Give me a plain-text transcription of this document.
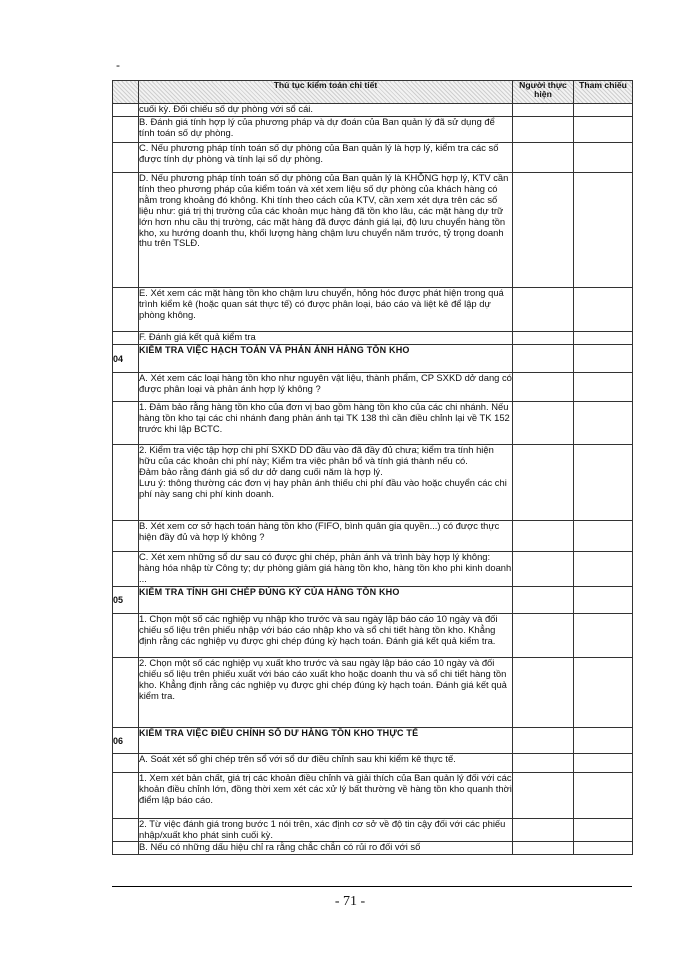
-
	Thủ tục kiểm toán chi tiết	Người thực hiện	Tham chiếu
	cuối kỳ. Đối chiếu số dự phòng với sổ cái.		
	B. Đánh giá tính hợp lý của phương pháp và dự đoán của Ban quản lý đã sử dụng để tính toán số dự phòng.		
	C. Nếu phương pháp tính toán số dự phòng của Ban quản lý là hợp lý, kiểm tra các số được tính dự phòng và tính lại số dự phòng.		
	D. Nếu phương pháp tính toán số dự phòng của Ban quản lý là KHÔNG hợp lý, KTV cần tính theo phương pháp của kiểm toán và xét xem liệu số dự phòng của khách hàng có nằm trong khoảng đó không. Khi tính theo cách của KTV, cần xem xét dựa trên các số liệu như: giá trị thị trường của các khoản mục hàng đã tồn kho lâu, các mặt hàng dự trữ lớn hơn nhu cầu thị trường, các mặt hàng đã được đánh giá lại, độ lưu chuyển hàng tồn kho, xu hướng doanh thu, khối lượng hàng chậm lưu chuyển năm trước, tỷ trọng doanh thu trên TSLĐ.		
	E. Xét xem các mặt hàng tồn kho chậm lưu chuyển, hỏng hóc được phát hiện trong quá trình kiểm kê (hoặc quan sát thực tế) có được phân loại, báo cáo và liệt kê để lập dự phòng không.		
	F. Đánh giá kết quả kiểm tra		
04	KIỂM TRA VIỆC HẠCH TOÁN VÀ PHẢN ÁNH HÀNG TỒN KHO		
	A. Xét xem các loại hàng tồn kho như nguyên vật liệu, thành phẩm, CP SXKD dở dang có được phân loại và phản ánh hợp lý không ?		
	1. Đảm bảo rằng hàng tồn kho của đơn vị bao gồm hàng tồn kho của các chi nhánh. Nếu hàng tồn kho tại các chi nhánh đang phản ánh tại TK 138 thì cần điều chỉnh lại về TK 152 trước khi lập BCTC.		
	2. Kiểm tra việc tập hợp chi phí SXKD DD đầu vào đã đầy đủ chưa; kiểm tra tính hiện hữu của các khoản chi phí này; Kiểm tra việc phân bổ và tính giá thành nếu có.
Đảm bảo rằng đánh giá sổ dư dở dang cuối năm là hợp lý.
Lưu ý: thông thường các đơn vị hay phản ánh thiếu chi phí đầu vào hoặc chuyển các chi phí này sang chi phí kinh doanh.		
	B. Xét xem cơ sở hạch toán hàng tồn kho (FIFO, bình quân gia quyền...) có được thực hiện đầy đủ và hợp lý không ?		
	C. Xét xem những sổ dư sau có được ghi chép, phản ánh và trình bày hợp lý không: hàng hóa nhập từ Công ty; dự phòng giảm giá hàng tồn kho, hàng tồn kho phi kinh doanh ...		
05	KIỂM TRA TÍNH GHI CHÉP ĐÚNG KỲ CỦA HÀNG TỒN KHO		
	1. Chọn một số các nghiệp vụ nhập kho trước và sau ngày lập báo cáo 10 ngày và đối chiếu số liệu trên phiếu nhập với báo cáo nhập kho và sổ chi tiết hàng tồn kho. Khẳng định rằng các nghiệp vụ được ghi chép đúng kỳ hạch toán. Đánh giá kết quả kiểm tra.		
	2. Chọn một số các nghiệp vụ xuất kho trước và sau ngày lập báo cáo 10 ngày và đối chiếu số liệu trên phiếu xuất với báo cáo xuất kho hoặc doanh thu và sổ chi tiết hàng tồn kho. Khẳng định rằng các nghiệp vụ được ghi chép đúng kỳ hạch toán. Đánh giá kết quả kiểm tra.		
06	KIỂM TRA VIỆC ĐIỀU CHỈNH SỐ DƯ HÀNG TỒN KHO THỰC TẾ		
	A. Soát xét sổ ghi chép trên sổ với sổ dư điều chỉnh sau khi kiểm kê thực tế.		
	1. Xem xét bản chất, giá trị các khoản điều chỉnh và giải thích của Ban quản lý đối với các khoản điều chỉnh lớn, đồng thời xem xét các xử lý bất thường về hàng tồn kho quanh thời điểm lập báo cáo.		
	2. Từ việc đánh giá trong bước 1 nói trên, xác định cơ sở về độ tin cậy đối với các phiếu nhập/xuất kho phát sinh cuối kỳ.		
	B. Nếu có những dấu hiệu chỉ ra rằng chắc chắn có rủi ro đối với số		
- 71 -
